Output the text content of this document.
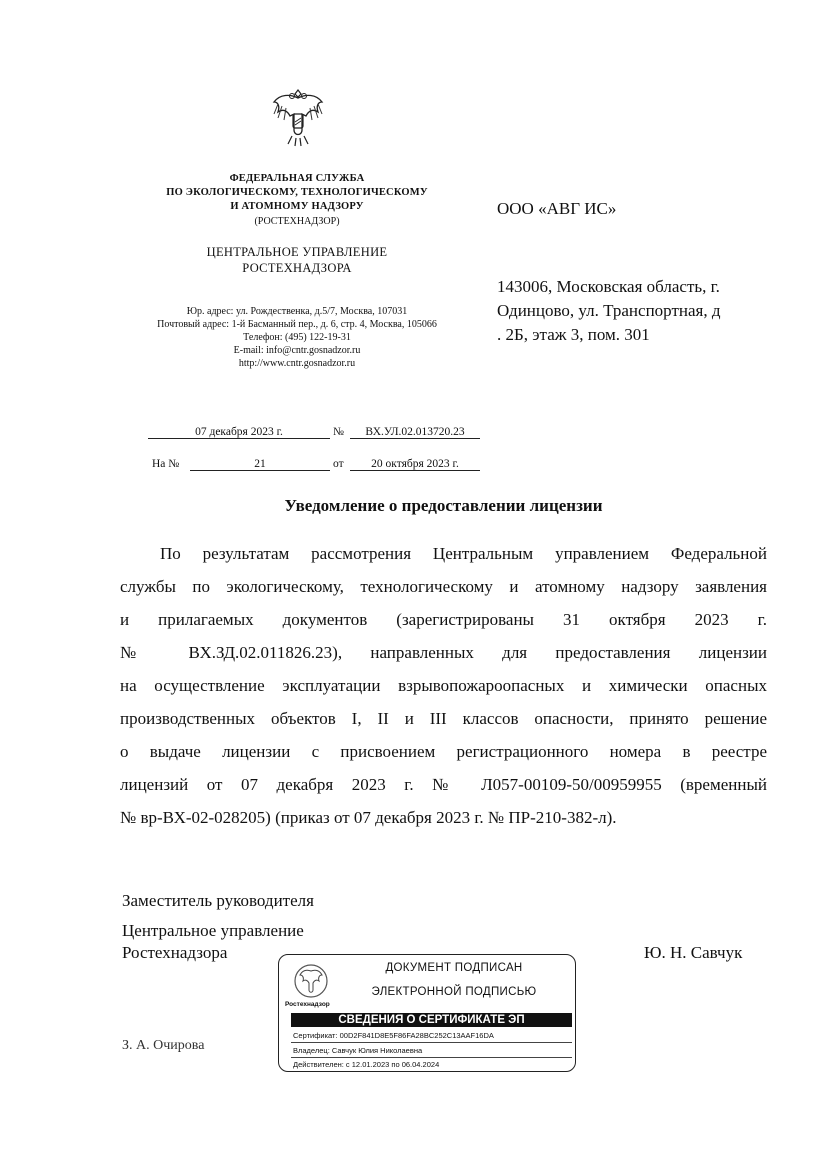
ФЕДЕРАЛЬНАЯ СЛУЖБА
ПО ЭКОЛОГИЧЕСКОМУ, ТЕХНОЛОГИЧЕСКОМУ
И АТОМНОМУ НАДЗОРУ
(РОСТЕХНАДЗОР)
ЦЕНТРАЛЬНОЕ УПРАВЛЕНИЕ
РОСТЕХНАДЗОРА
Юр. адрес: ул. Рождественка, д.5/7, Москва, 107031
Почтовый адрес: 1-й Басманный пер., д. 6, стр. 4, Москва, 105066
Телефон: (495) 122-19-31
E-mail: info@cntr.gosnadzor.ru
http://www.cntr.gosnadzor.ru
ООО «АВГ ИС»
143006, Московская область, г.
Одинцово, ул. Транспортная, д
. 2Б, этаж 3, пом. 301
07 декабря 2023 г.	№	ВХ.УЛ.02.013720.23
На №	21	от	20 октября 2023 г.
Уведомление о предоставлении лицензии
По результатам рассмотрения Центральным управлением Федеральной
службы по экологическому, технологическому и атомному надзору заявления
и прилагаемых документов (зарегистрированы 31 октября 2023 г.
№ ВХ.ЗД.02.011826.23), направленных для предоставления лицензии
на осуществление эксплуатации взрывопожароопасных и химически опасных
производственных объектов I, II и III классов опасности, принято решение
о выдаче лицензии с присвоением регистрационного номера в реестре
лицензий от 07 декабря 2023 г. № Л057-00109-50/00959955 (временный
№ вр-ВХ-02-028205) (приказ от 07 декабря 2023 г. № ПР-210-382-л).
Заместитель руководителя
Центральное управление
Ростехнадзора	Ю. Н. Савчук
Ростехнадзор
ДОКУМЕНТ ПОДПИСАН
ЭЛЕКТРОННОЙ ПОДПИСЬЮ
СВЕДЕНИЯ О СЕРТИФИКАТЕ ЭП
Сертификат: 00D2F841D8E5F86FA28BC252C13AAF16DA
Владелец: Савчук Юлия Николаевна
Действителен: с 12.01.2023 по 06.04.2024
З. А. Очирова
